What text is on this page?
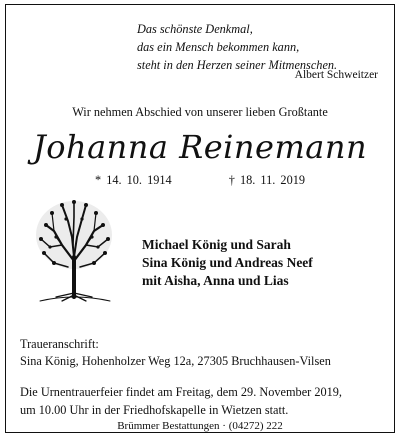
Das schönste Denkmal,
das ein Mensch bekommen kann,
steht in den Herzen seiner Mitmenschen.
Albert Schweitzer
Wir nehmen Abschied von unserer lieben Großtante
Johanna Reinemann
* 14. 10. 1914	† 18. 11. 2019
Michael König und Sarah
Sina König und Andreas Neef
mit Aisha, Anna und Lias
Traueranschrift:
Sina König, Hohenholzer Weg 12a, 27305 Bruchhausen-Vilsen
Die Urnentrauerfeier findet am Freitag, dem 29. November 2019,
um 10.00 Uhr in der Friedhofskapelle in Wietzen statt.
Brümmer Bestattungen · (04272) 222
